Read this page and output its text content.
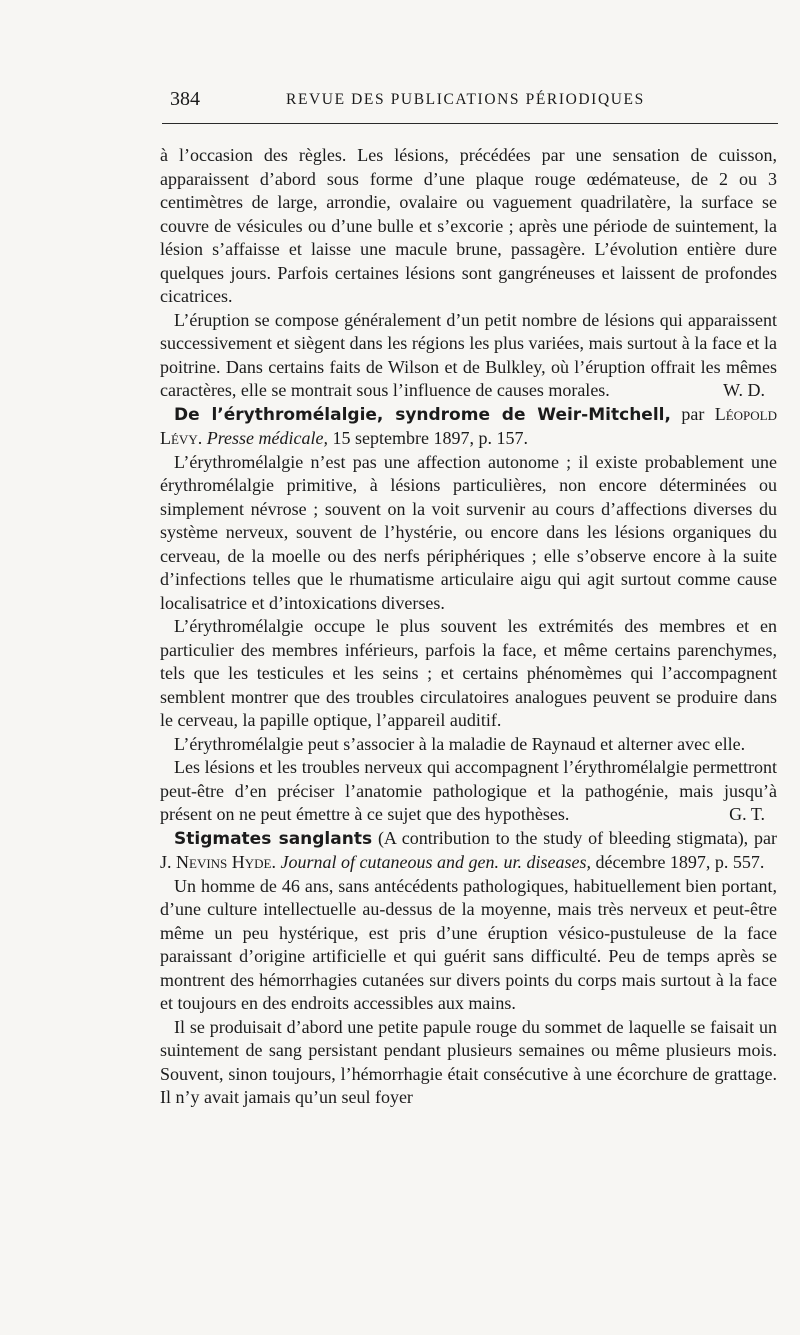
384	REVUE DES PUBLICATIONS PÉRIODIQUES

à l’occasion des règles. Les lésions, précédées par une sensation de cuisson, apparaissent d’abord sous forme d’une plaque rouge œdémateuse, de 2 ou 3 centimètres de large, arrondie, ovalaire ou vaguement quadrilatère, la surface se couvre de vésicules ou d’une bulle et s’excorie ; après une période de suintement, la lésion s’affaisse et laisse une macule brune, passagère. L’évolution entière dure quelques jours. Parfois certaines lésions sont gangréneuses et laissent de profondes cicatrices.

L’éruption se compose généralement d’un petit nombre de lésions qui apparaissent successivement et siègent dans les régions les plus variées, mais surtout à la face et la poitrine. Dans certains faits de Wilson et de Bulkley, où l’éruption offrait les mêmes caractères, elle se montrait sous l’influence de causes morales.	W. D.

De l’érythromélalgie, syndrome de Weir-Mitchell, par Léopold Lévy. Presse médicale, 15 septembre 1897, p. 157.

L’érythromélalgie n’est pas une affection autonome ; il existe probablement une érythromélalgie primitive, à lésions particulières, non encore déterminées ou simplement névrose ; souvent on la voit survenir au cours d’affections diverses du système nerveux, souvent de l’hystérie, ou encore dans les lésions organiques du cerveau, de la moelle ou des nerfs périphériques ; elle s’observe encore à la suite d’infections telles que le rhumatisme articulaire aigu qui agit surtout comme cause localisatrice et d’intoxications diverses.

L’érythromélalgie occupe le plus souvent les extrémités des membres et en particulier des membres inférieurs, parfois la face, et même certains parenchymes, tels que les testicules et les seins ; et certains phénomèmes qui l’accompagnent semblent montrer que des troubles circulatoires analogues peuvent se produire dans le cerveau, la papille optique, l’appareil auditif.

L’érythromélalgie peut s’associer à la maladie de Raynaud et alterner avec elle.

Les lésions et les troubles nerveux qui accompagnent l’érythromélalgie permettront peut-être d’en préciser l’anatomie pathologique et la pathogénie, mais jusqu’à présent on ne peut émettre à ce sujet que des hypothèses.	G. T.

Stigmates sanglants (A contribution to the study of bleeding stigmata), par J. Nevins Hyde. Journal of cutaneous and gen. ur. diseases, décembre 1897, p. 557.

Un homme de 46 ans, sans antécédents pathologiques, habituellement bien portant, d’une culture intellectuelle au-dessus de la moyenne, mais très nerveux et peut-être même un peu hystérique, est pris d’une éruption vésico-pustuleuse de la face paraissant d’origine artificielle et qui guérit sans difficulté. Peu de temps après se montrent des hémorrhagies cutanées sur divers points du corps mais surtout à la face et toujours en des endroits accessibles aux mains.

Il se produisait d’abord une petite papule rouge du sommet de laquelle se faisait un suintement de sang persistant pendant plusieurs semaines ou même plusieurs mois. Souvent, sinon toujours, l’hémorrhagie était consécutive à une écorchure de grattage. Il n’y avait jamais qu’un seul foyer
